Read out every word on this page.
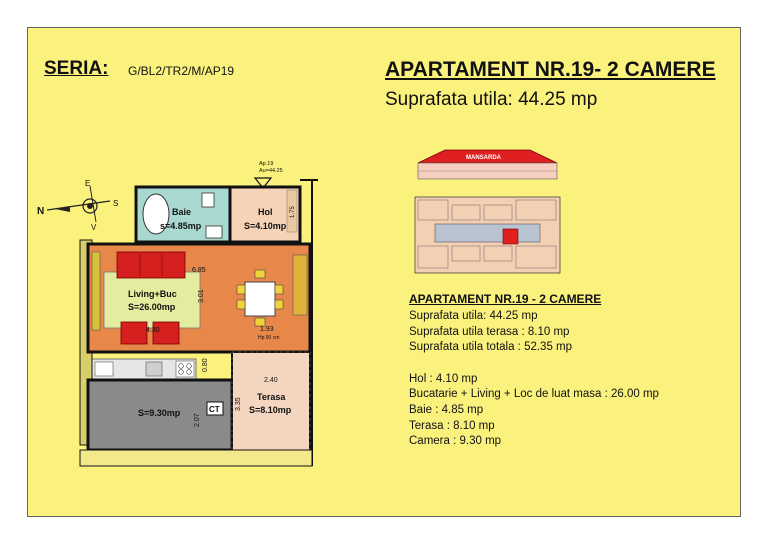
SERIA: G/BL2/TR2/M/AP19	APARTAMENT NR.19- 2 CAMERE
Suprafata utila: 44.25 mp
N
S
E
V
Ap.19
Au=44.25
Baie
s=4.85mp
Hol
S=4.10mp
Living+Buc
S=26.00mp
S=9.30mp
Terasa
S=8.10mp
CT
6.85
3.01
4.30	1.93
Hp 90 cm
0.80
2.40
3.35
2.07
1.75
MANSARDA
APARTAMENT NR.19 - 2 CAMERE
Suprafata utila: 44.25 mp
Suprafata utila terasa : 8.10 mp
Suprafata utila totala : 52.35 mp
Hol : 4.10 mp
Bucatarie + Living + Loc de luat masa : 26.00 mp
Baie : 4.85 mp
Terasa : 8.10 mp
Camera : 9.30 mp
